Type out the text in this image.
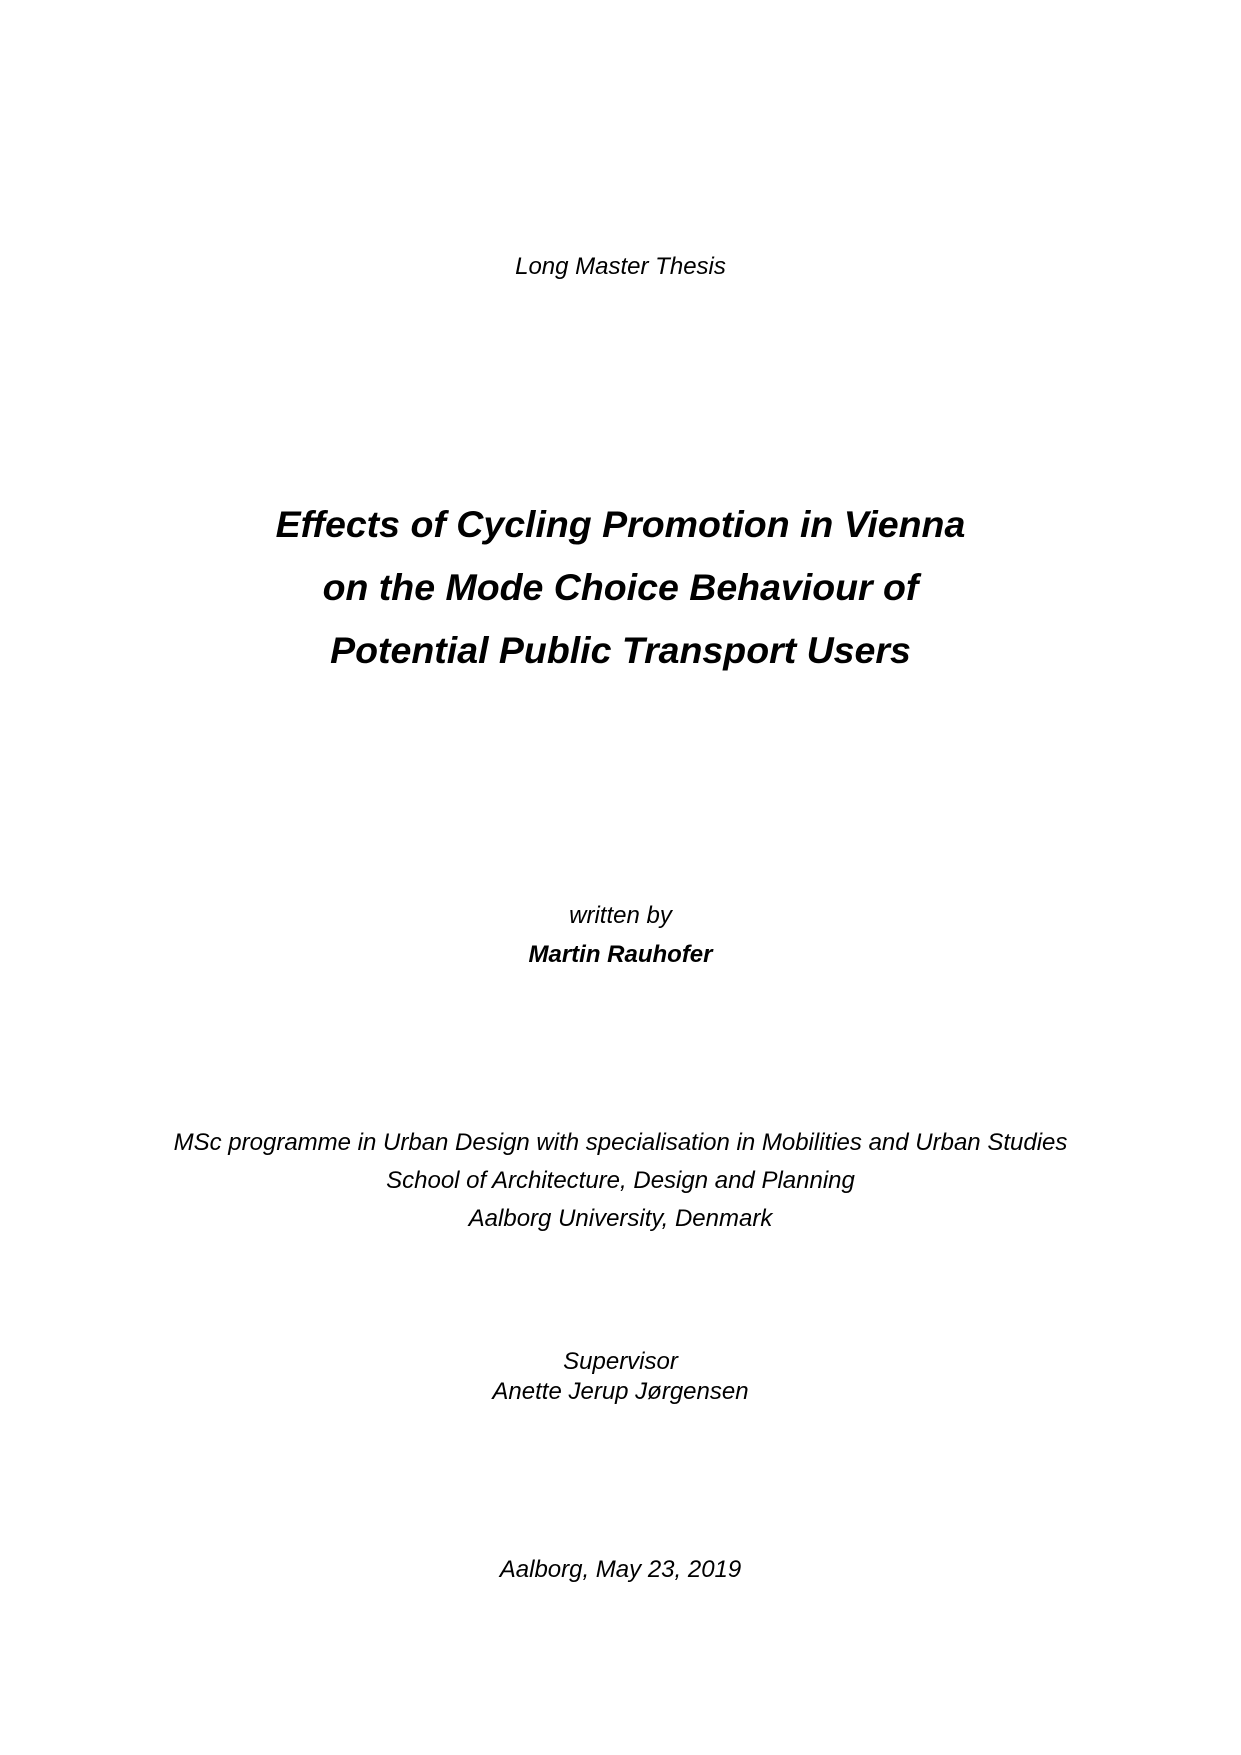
Long Master Thesis
Effects of Cycling Promotion in Vienna
on the Mode Choice Behaviour of
Potential Public Transport Users
written by
Martin Rauhofer
MSc programme in Urban Design with specialisation in Mobilities and Urban Studies
School of Architecture, Design and Planning
Aalborg University, Denmark
Supervisor
Anette Jerup Jørgensen
Aalborg, May 23, 2019
